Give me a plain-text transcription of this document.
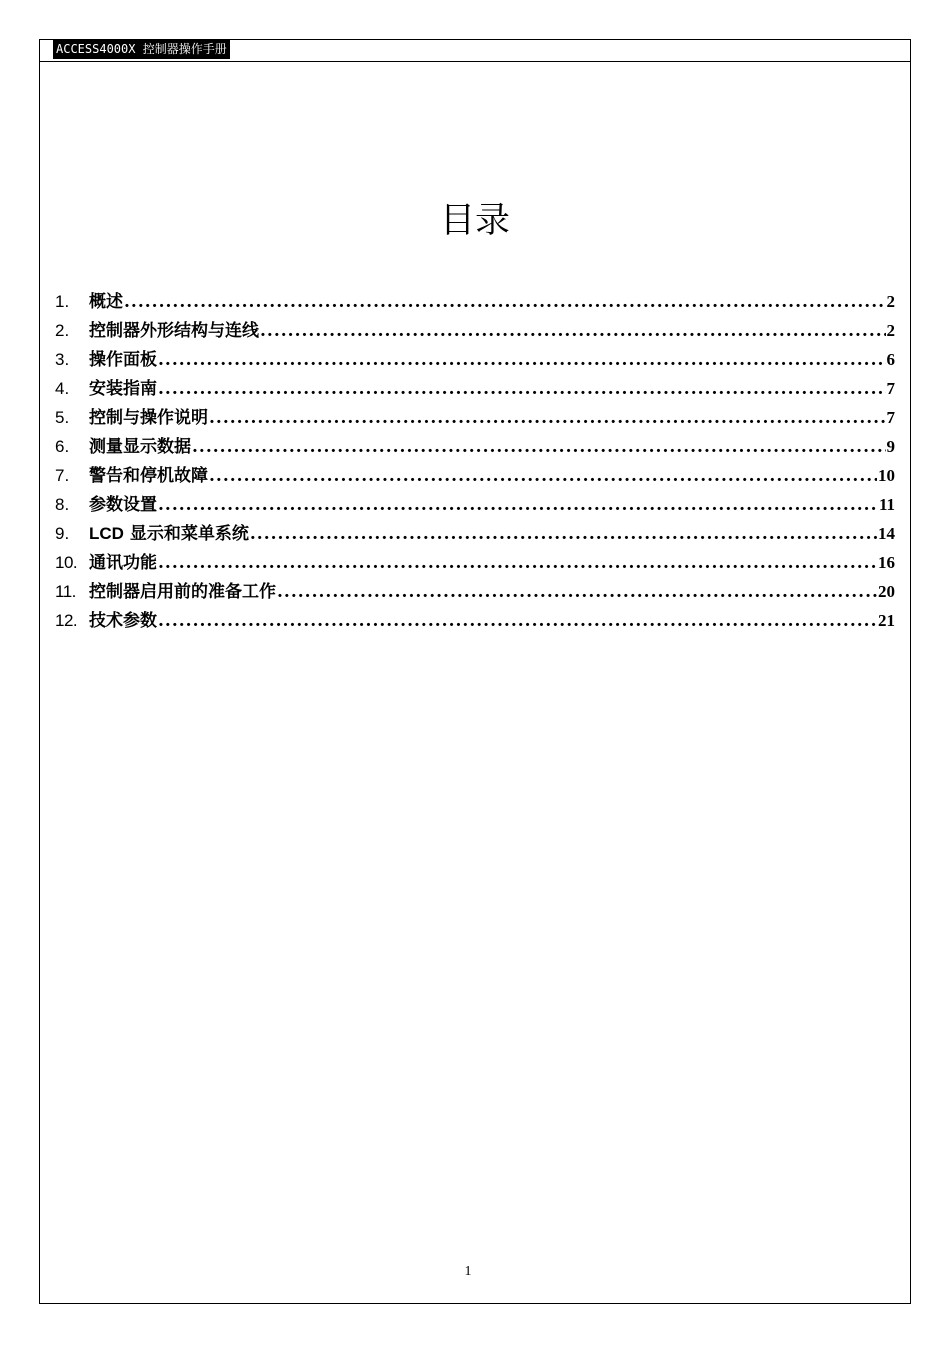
ACCESS4000X 控制器操作手册
目录
1.	概述 .....	2
2.	控制器外形结构与连线 .....	2
3.	操作面板 .....	6
4.	安装指南 .....	7
5.	控制与操作说明 .....	7
6.	测量显示数据 .....	9
7.	警告和停机故障 .....	10
8.	参数设置 .....	11
9.	LCD 显示和菜单系统 .....	14
10. 通讯功能 .....	16
11. 控制器启用前的准备工作 .....	20
12. 技术参数 .....	21
1
